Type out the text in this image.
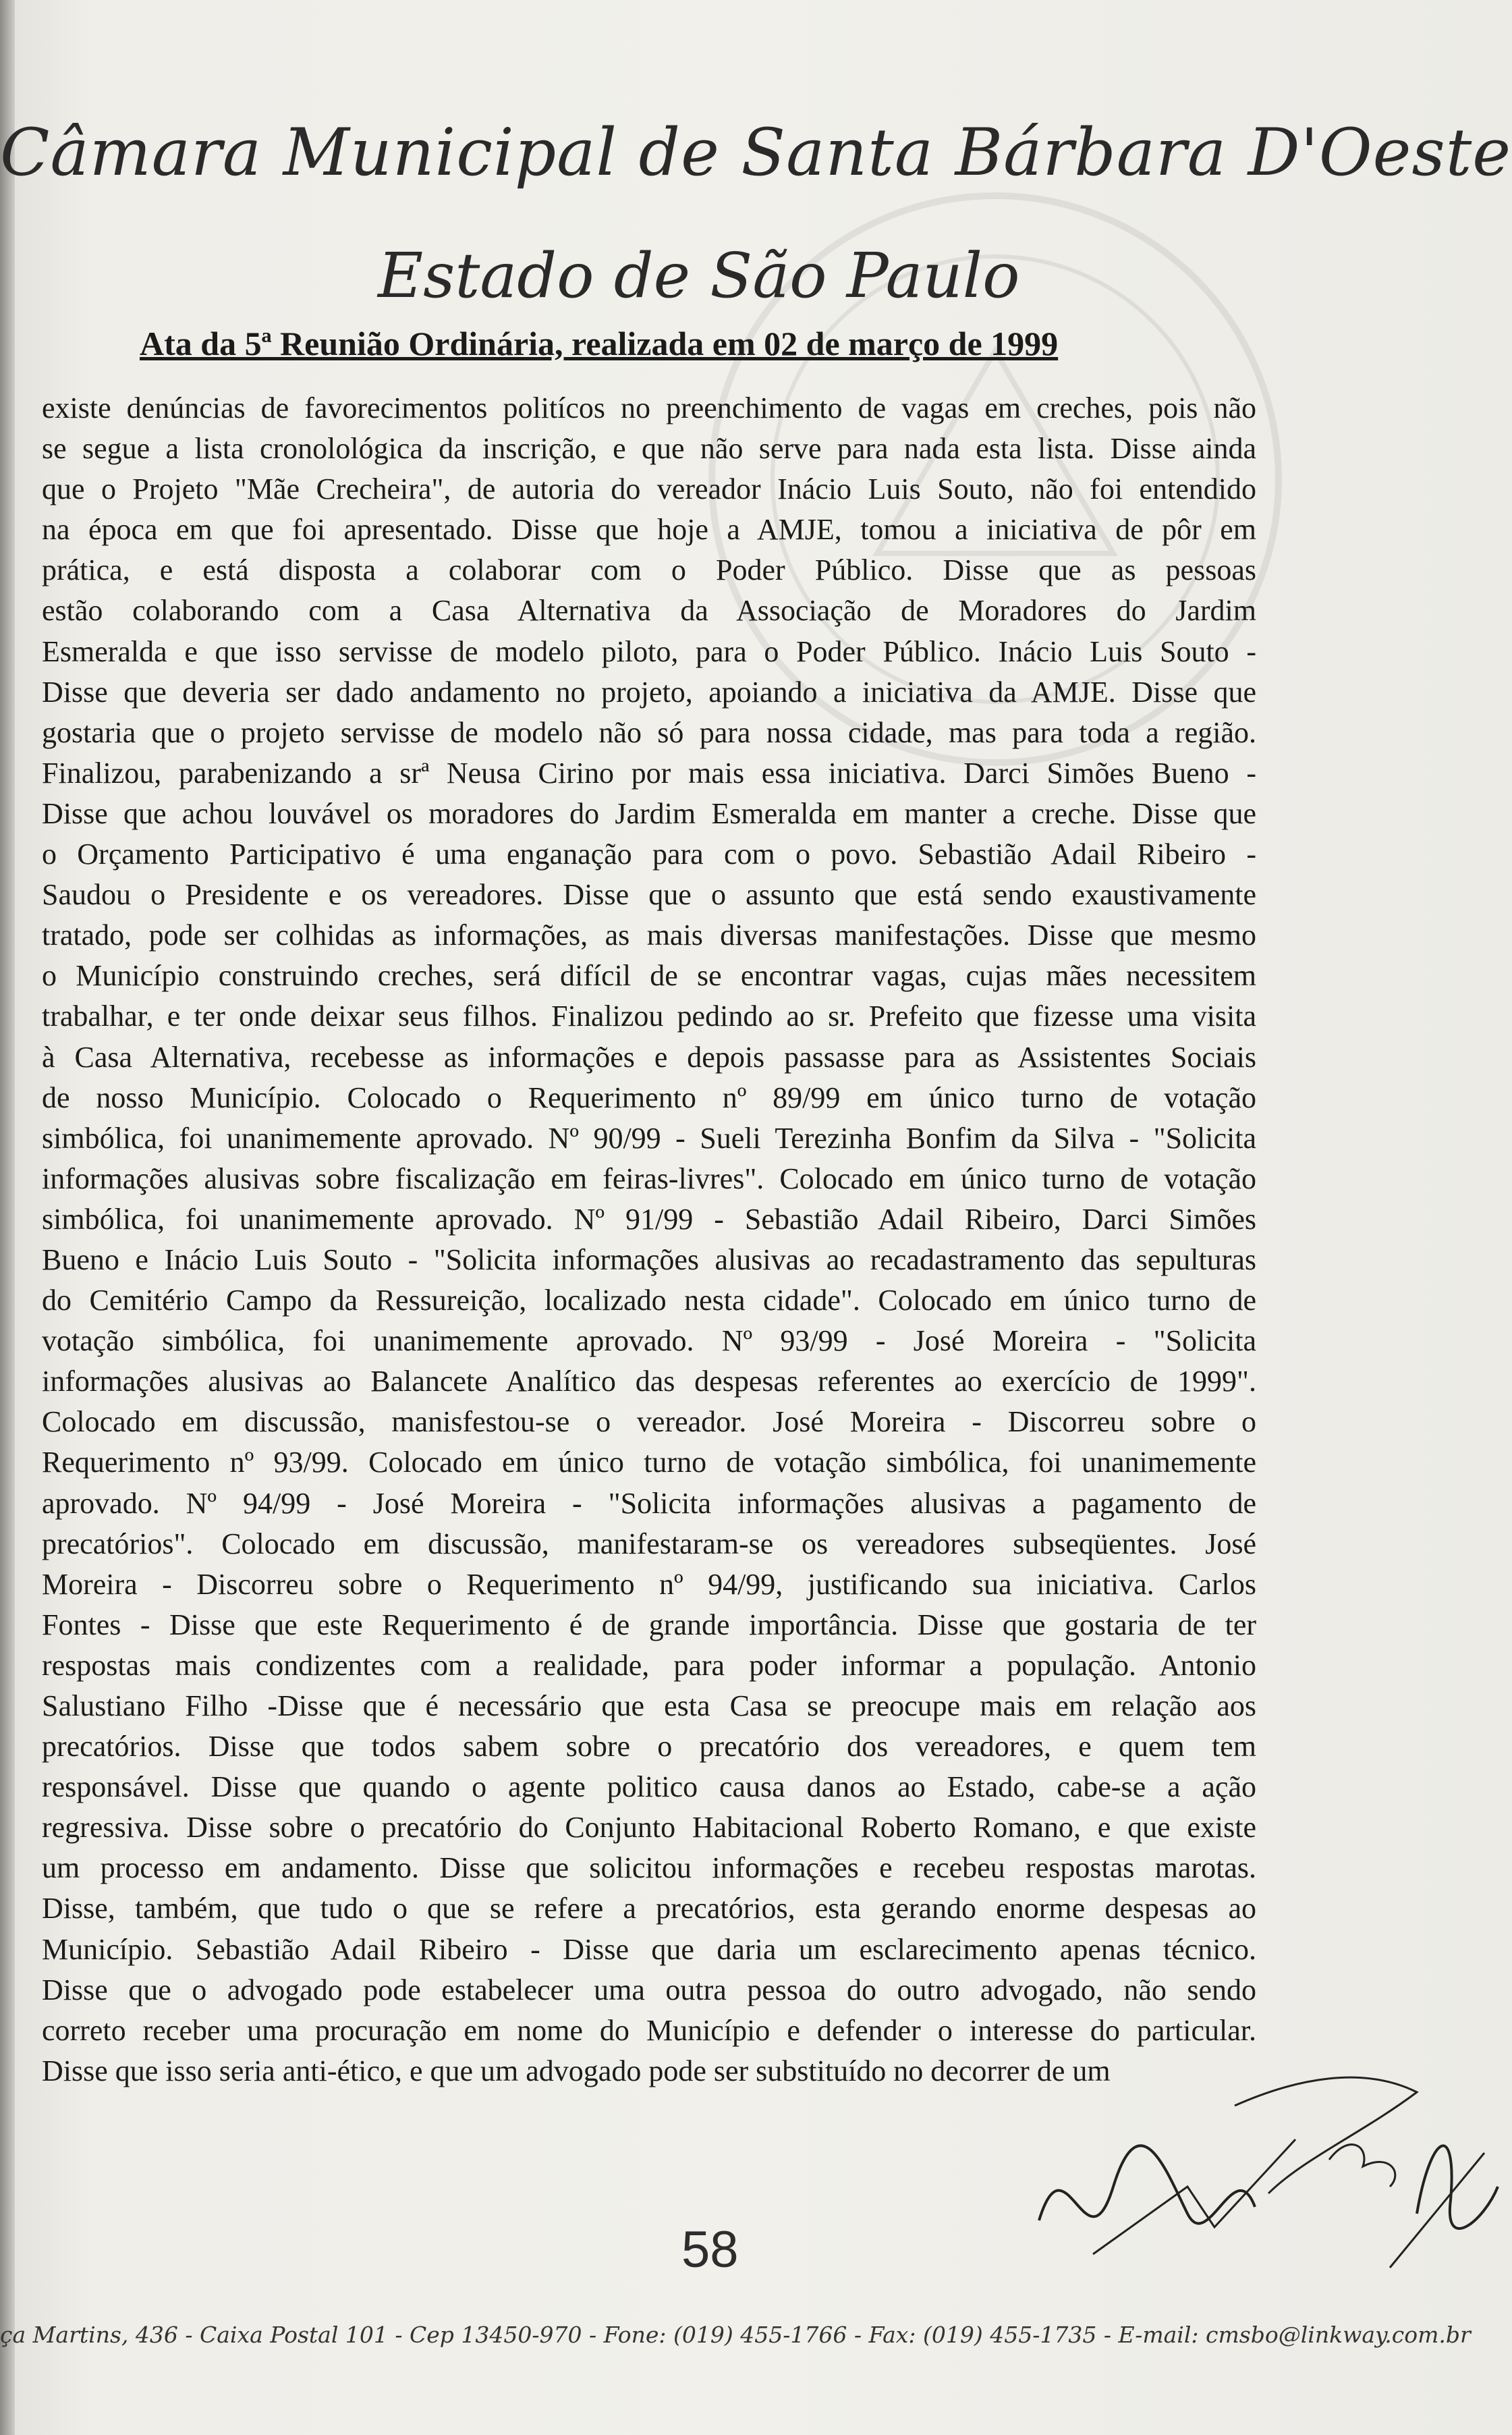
Câmara Municipal de Santa Bárbara D'Oeste
Estado de São Paulo
Ata da 5ª Reunião Ordinária, realizada em 02 de março de 1999
existe denúncias de favorecimentos politícos no preenchimento de vagas em creches, pois não
se segue a lista cronolológica da inscrição, e que não serve para nada esta lista. Disse ainda
que o Projeto "Mãe Crecheira", de autoria do vereador Inácio Luis Souto, não foi entendido
na época em que foi apresentado. Disse que hoje a AMJE, tomou a iniciativa de pôr em
prática, e está disposta a colaborar com o Poder Público. Disse que as pessoas
estão colaborando com a Casa Alternativa da Associação de Moradores do Jardim
Esmeralda e que isso servisse de modelo piloto, para o Poder Público. Inácio Luis Souto -
Disse que deveria ser dado andamento no projeto, apoiando a iniciativa da AMJE. Disse que
gostaria que o projeto servisse de modelo não só para nossa cidade, mas para toda a região.
Finalizou, parabenizando a srª Neusa Cirino por mais essa iniciativa. Darci Simões Bueno -
Disse que achou louvável os moradores do Jardim Esmeralda em manter a creche. Disse que
o Orçamento Participativo é uma enganação para com o povo. Sebastião Adail Ribeiro -
Saudou o Presidente e os vereadores. Disse que o assunto que está sendo exaustivamente
tratado, pode ser colhidas as informações, as mais diversas manifestações. Disse que mesmo
o Município construindo creches, será difícil de se encontrar vagas, cujas mães necessitem
trabalhar, e ter onde deixar seus filhos. Finalizou pedindo ao sr. Prefeito que fizesse uma visita
à Casa Alternativa, recebesse as informações e depois passasse para as Assistentes Sociais
de nosso Município. Colocado o Requerimento nº 89/99 em único turno de votação
simbólica, foi unanimemente aprovado. Nº 90/99 - Sueli Terezinha Bonfim da Silva - "Solicita
informações alusivas sobre fiscalização em feiras-livres". Colocado em único turno de votação
simbólica, foi unanimemente aprovado. Nº 91/99 - Sebastião Adail Ribeiro, Darci Simões
Bueno e Inácio Luis Souto - "Solicita informações alusivas ao recadastramento das sepulturas
do Cemitério Campo da Ressureição, localizado nesta cidade". Colocado em único turno de
votação simbólica, foi unanimemente aprovado. Nº 93/99 - José Moreira - "Solicita
informações alusivas ao Balancete Analítico das despesas referentes ao exercício de 1999".
Colocado em discussão, manisfestou-se o vereador. José Moreira - Discorreu sobre o
Requerimento nº 93/99. Colocado em único turno de votação simbólica, foi unanimemente
aprovado. Nº 94/99 - José Moreira - "Solicita informações alusivas a pagamento de
precatórios". Colocado em discussão, manifestaram-se os vereadores subseqüentes. José
Moreira - Discorreu sobre o Requerimento nº 94/99, justificando sua iniciativa. Carlos
Fontes - Disse que este Requerimento é de grande importância. Disse que gostaria de ter
respostas mais condizentes com a realidade, para poder informar a população. Antonio
Salustiano Filho -Disse que é necessário que esta Casa se preocupe mais em relação aos
precatórios. Disse que todos sabem sobre o precatório dos vereadores, e quem tem
responsável. Disse que quando o agente politico causa danos ao Estado, cabe-se a ação
regressiva. Disse sobre o precatório do Conjunto Habitacional Roberto Romano, e que existe
um processo em andamento. Disse que solicitou informações e recebeu respostas marotas.
Disse, também, que tudo o que se refere a precatórios, esta gerando enorme despesas ao
Município. Sebastião Adail Ribeiro - Disse que daria um esclarecimento apenas técnico.
Disse que o advogado pode estabelecer uma outra pessoa do outro advogado, não sendo
correto receber uma procuração em nome do Município e defender o interesse do particular.
Disse que isso seria anti-ético, e que um advogado pode ser substituído no decorrer de um
58
ça Martins, 436 - Caixa Postal 101 - Cep 13450-970 - Fone: (019) 455-1766 - Fax: (019) 455-1735 - E-mail: cmsbo@linkway.com.br
